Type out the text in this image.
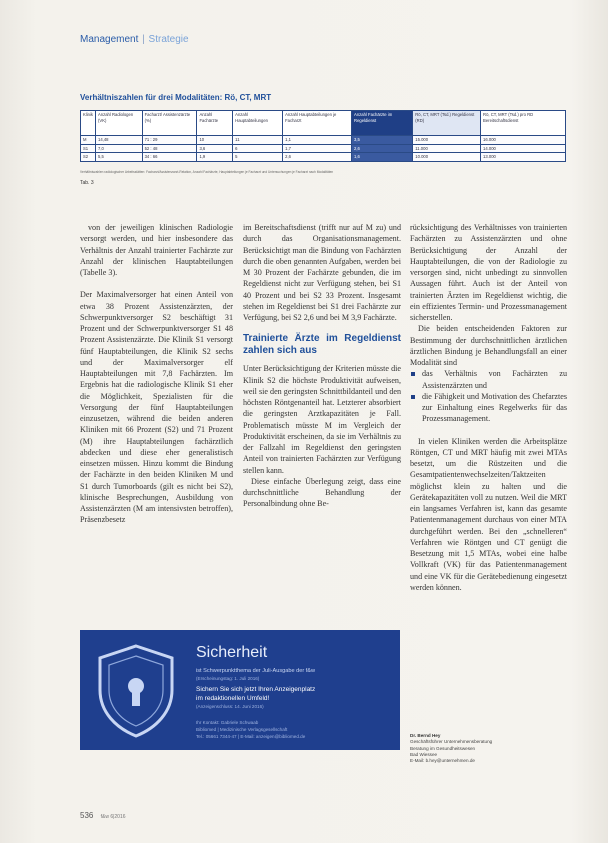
Management | Strategie
Verhältniszahlen für drei Modalitäten: Rö, CT, MRT
Klinik	Anzahl Radiologen (VK)	Facharzt/ Assistenzärzte (%)	Anzahl Fachärzte	Anzahl Hauptabteilungen	Anzahl Hauptabteilungen je Facharzt	Anzahl Fachärzte im Regeldienst	Rö, CT, MRT (Tsd.) Regeldienst (RD)	Rö, CT, MRT (Tsd.) pro RD Bereitschaftsdienst
M	14,48	71 : 29	10	11	1,1	3,5	15.000	16.000
S1	7,0	52 : 48	3,6	6	1,7	2,6	11.000	14.000
S2	5,5	34 : 66	1,9	5	2,6	1,6	10.000	13.000
Verhältniszahlen radiologischer Arbeitsstätten: Facharzt/Assistenzarzt-Relation, Anzahl Fachärzte, Hauptabteilungen je Facharzt und Untersuchungen je Facharzt nach Modalitäten
Tab. 3

von der jeweiligen klinischen Radiologie versorgt werden, und hier insbesondere das Verhältnis der Anzahl trainierter Fachärzte zur Anzahl der klinischen Hauptabteilungen (Tabelle 3).

Der Maximalversorger hat einen Anteil von etwa 38 Prozent Assistenzärzten, der Schwerpunktversorger S2 beschäftigt 31 Prozent und der Schwerpunktversorger S1 48 Prozent Assistenzärzte. Die Klinik S1 versorgt fünf Hauptabteilungen, die Klinik S2 sechs und der Maximalversorger elf Hauptabteilungen mit 7,8 Fachärzten. Im Ergebnis hat die radiologische Klinik S1 eher die Möglichkeit, Spezialisten für die Versorgung der fünf Hauptabteilungen einzusetzen, während die beiden anderen Kliniken mit 66 Prozent (S2) und 71 Prozent (M) ihre Hauptabteilungen fachärztlich abdecken und diese eher generalistisch einsetzen müssen. Hinzu kommt die Bindung der Fachärzte in den beiden Kliniken M und S1 durch Tumorboards (gilt es nicht bei S2), klinische Besprechungen, Ausbildung von Assistenzärzten (M am intensivsten betroffen), Präsenzbesetz

im Bereitschaftsdienst (trifft nur auf M zu) und durch das Organisationsmanagement. Berücksichtigt man die Bindung von Fachärzten durch die oben genannten Aufgaben, werden bei M 30 Prozent der Fachärzte gebunden, die im Regeldienst nicht zur Verfügung stehen, bei S1 40 Prozent und bei S2 33 Prozent. Insgesamt stehen im Regeldienst bei S1 drei Fachärzte zur Verfügung, bei S2 2,6 und bei M 3,9 Fachärzte.

Trainierte Ärzte im Regeldienst zahlen sich aus

Unter Berücksichtigung der Kriterien müsste die Klinik S2 die höchste Produktivität aufweisen, weil sie den geringsten Schnittbildanteil und den höchsten Röntgenanteil hat. Letzterer absorbiert die geringsten Arztkapazitäten je Fall. Problematisch müsste M im Vergleich der Produktivität erscheinen, da sie im Verhältnis zu der Fallzahl im Regeldienst den geringsten Anteil von trainierten Fachärzten zur Verfügung stellen kann.

Diese einfache Überlegung zeigt, dass eine durchschnittliche Behandlung der Personalbindung ohne Be-

rücksichtigung des Verhältnisses von trainierten Fachärzten zu Assistenzärzten und ohne Berücksichtigung der Anzahl der Hauptabteilungen, die von der Radiologie zu versorgen sind, nicht unbedingt zu sinnvollen Aussagen führt. Auch ist der Anteil von trainierten Ärzten im Regeldienst wichtig, die ein effizientes Termin- und Prozessmanagement sicherstellen.

Die beiden entscheidenden Faktoren zur Bestimmung der durchschnittlichen ärztlichen ärztlichen Bindung je Behandlungsfall an einer Modalität sind

das Verhältnis von Fachärzten zu Assistenzärzten und
die Fähigkeit und Motivation des Chefarztes zur Einhaltung eines Regelwerks für das Prozessmanagement.

In vielen Kliniken werden die Arbeitsplätze Röntgen, CT und MRT häufig mit zwei MTAs besetzt, um die Rüstzeiten und die Gesamtpatientenwechselzeiten/Taktzeiten möglichst klein zu halten und die Gerätekapazitäten voll zu nutzen. Weil die MRT ein langsames Verfahren ist, kann das gesamte Patientenmanagement durchaus von einer MTA durchgeführt werden. Bei den „schnelleren“ Verfahren wie Röntgen und CT genügt die Besetzung mit 1,5 MTAs, wobei eine halbe Vollkraft (VK) für das Patientenmanagement und eine VK für die Gerätebedienung eingesetzt werden können.

Sicherheit
ist Schwerpunktthema der Juli-Ausgabe der f&w
(Erscheinungstag: 1. Juli 2016)
Sichern Sie sich jetzt Ihren Anzeigenplatz
im redaktionellen Umfeld!
(Anzeigenschluss: 14. Juni 2016)
Ihr Kontakt: Gabriele Schwaab
Bibliomed | Medizinische Verlagsgesellschaft
Tel.: 05661 7344-47 | E-Mail: anzeigen@bibliomed.de	Dr. Bernd Hey
Geschäftsführer Unternehmensberatung
Beratung im Gesundheitswesen
Bad Wiessee
E-Mail: b.hey@unternehmen.de
536 f&w 6|2016
